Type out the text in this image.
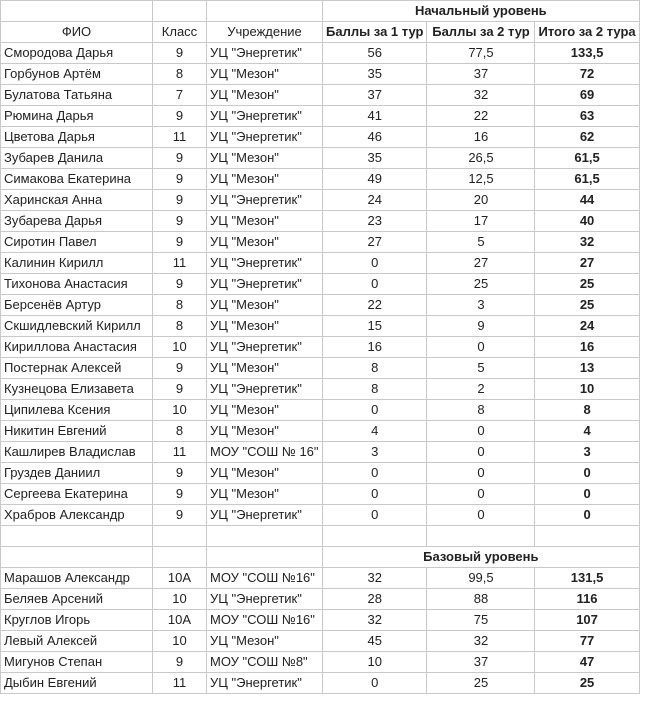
			Начальный уровень		
ФИО	Класс	Учреждение	Баллы за 1 тур	Баллы за 2 тур	Итого за 2 тура
Смородова Дарья	9	УЦ "Энергетик"	56	77,5	133,5
Горбунов Артём	8	УЦ "Мезон"	35	37	72
Булатова Татьяна	7	УЦ "Мезон"	37	32	69
Рюмина Дарья	9	УЦ "Энергетик"	41	22	63
Цветова Дарья	11	УЦ "Энергетик"	46	16	62
Зубарев Данила	9	УЦ "Мезон"	35	26,5	61,5
Симакова Екатерина	9	УЦ "Мезон"	49	12,5	61,5
Харинская Анна	9	УЦ "Энергетик"	24	20	44
Зубарева Дарья	9	УЦ "Мезон"	23	17	40
Сиротин Павел	9	УЦ "Мезон"	27	5	32
Калинин Кирилл	11	УЦ "Энергетик"	0	27	27
Тихонова Анастасия	9	УЦ "Энергетик"	0	25	25
Берсенёв Артур	8	УЦ "Мезон"	22	3	25
Скшидлевский Кирилл	8	УЦ "Мезон"	15	9	24
Кириллова Анастасия	10	УЦ "Энергетик"	16	0	16
Постернак Алексей	9	УЦ "Мезон"	8	5	13
Кузнецова Елизавета	9	УЦ "Энергетик"	8	2	10
Ципилева Ксения	10	УЦ "Мезон"	0	8	8
Никитин Евгений	8	УЦ "Мезон"	4	0	4
Кашлирев Владислав	11	МОУ "СОШ № 16"	3	0	3
Груздев Даниил	9	УЦ "Мезон"	0	0	0
Сергеева Екатерина	9	УЦ "Мезон"	0	0	0
Храбров Александр	9	УЦ "Энергетик"	0	0	0

			Базовый уровень		
Марашов Александр	10А	МОУ "СОШ №16"	32	99,5	131,5
Беляев Арсений	10	УЦ "Энергетик"	28	88	116
Круглов Игорь	10А	МОУ "СОШ №16"	32	75	107
Левый Алексей	10	УЦ "Мезон"	45	32	77
Мигунов Степан	9	МОУ "СОШ №8"	10	37	47
Дыбин Евгений	11	УЦ "Энергетик"	0	25	25
